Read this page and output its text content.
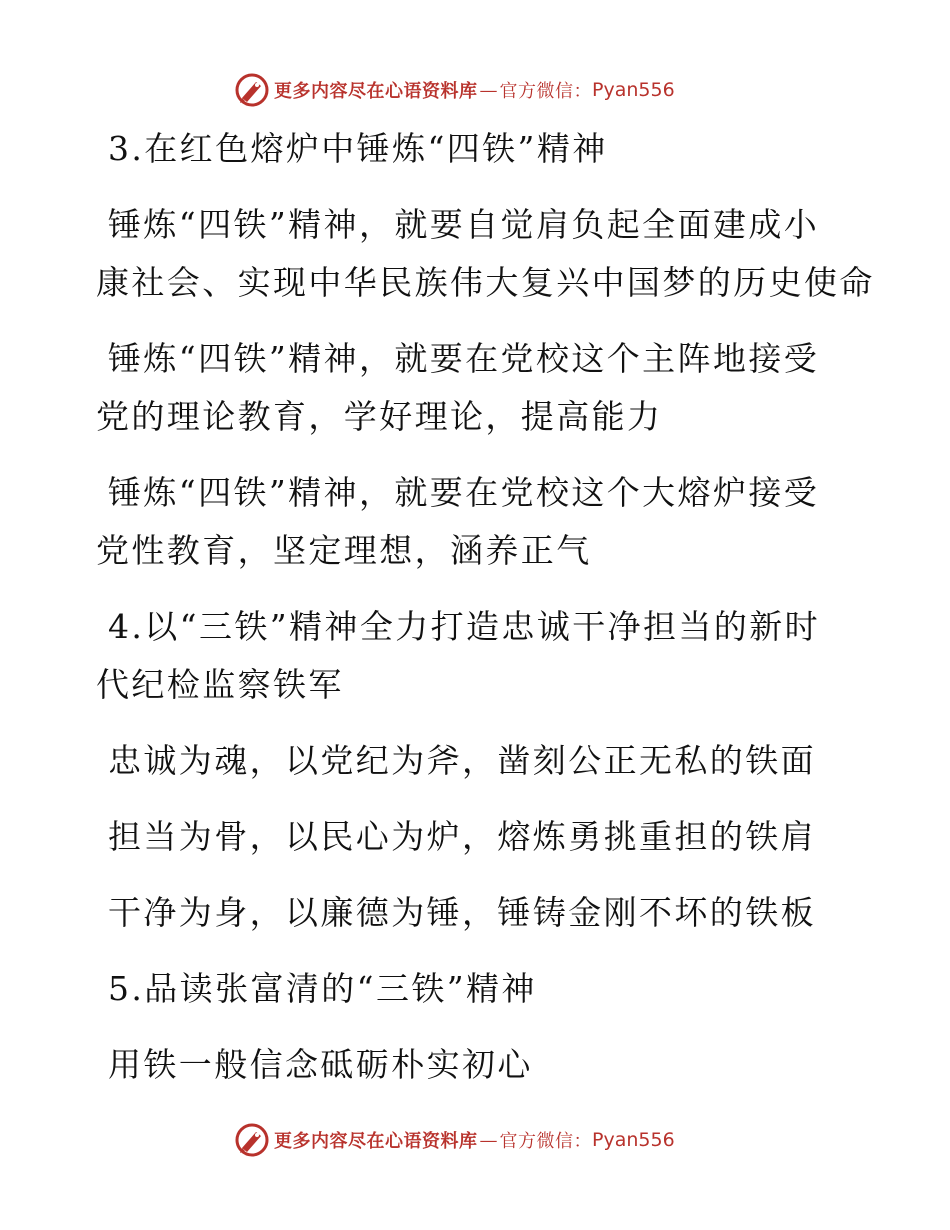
更多内容尽在心语资料库 — 官方微信： Pyan556

3.在红色熔炉中锤炼“四铁”精神

锤炼“四铁”精神，就要自觉肩负起全面建成小

康社会、实现中华民族伟大复兴中国梦的历史使命

锤炼“四铁”精神，就要在党校这个主阵地接受

党的理论教育，学好理论，提高能力

锤炼“四铁”精神，就要在党校这个大熔炉接受

党性教育，坚定理想，涵养正气

4.以“三铁”精神全力打造忠诚干净担当的新时

代纪检监察铁军

忠诚为魂，以党纪为斧，凿刻公正无私的铁面

担当为骨，以民心为炉，熔炼勇挑重担的铁肩

干净为身，以廉德为锤，锤铸金刚不坏的铁板

5.品读张富清的“三铁”精神

用铁一般信念砥砺朴实初心

更多内容尽在心语资料库 — 官方微信： Pyan556
